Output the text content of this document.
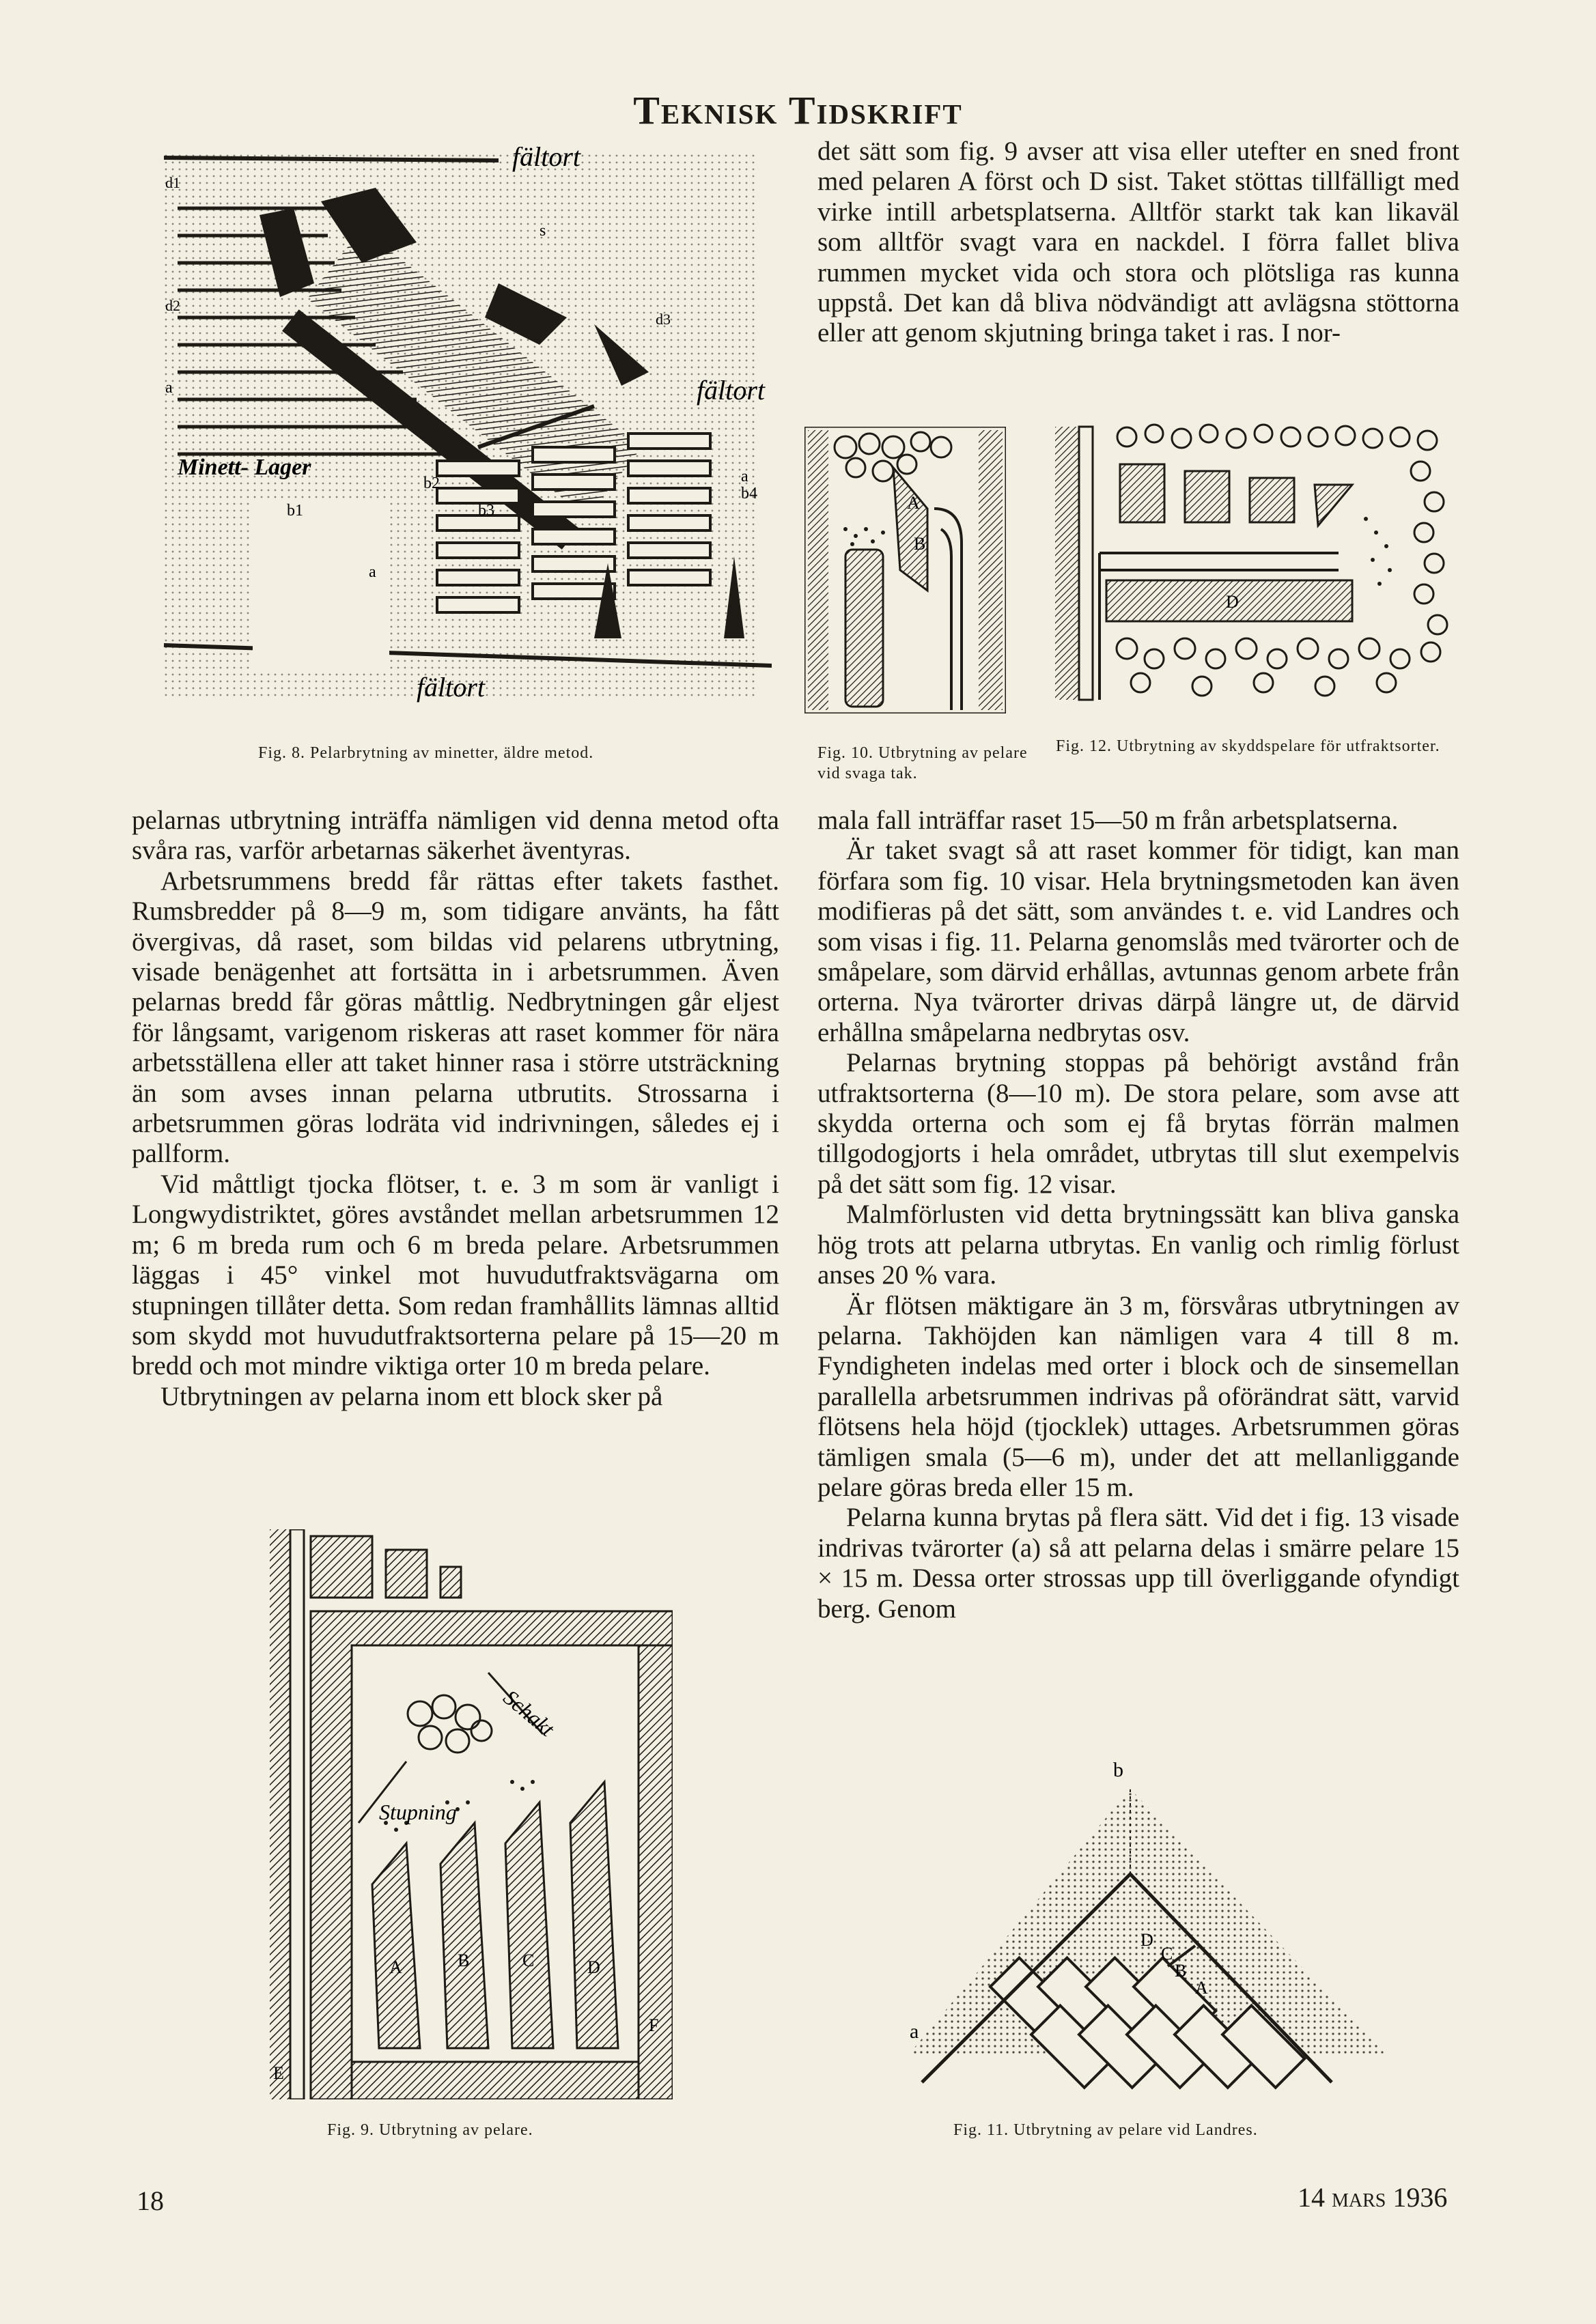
Teknisk Tidskrift

det sätt som fig. 9 avser att visa eller utefter en sned front med pelaren A först och D sist. Taket stöttas tillfälligt med virke intill arbetsplatserna. Alltför starkt tak kan likaväl som alltför svagt vara en nackdel. I förra fallet bliva rummen mycket vida och stora och plötsliga ras kunna uppstå. Det kan då bliva nödvändigt att avlägsna stöttorna eller att genom skjutning bringa taket i ras. I nor-

fältort
fältort
fältort
Minett- Lager
d1
d2
d3
a
a
a
b1
b2
b3
b4
s
Fig. 8. Pelarbrytning av minetter, äldre metod.
A
B
Fig. 10. Utbrytning av pelare vid svaga tak.
D
Fig. 12. Utbrytning av skyddspelare för utfraktsorter.

pelarnas utbrytning inträffa nämligen vid denna metod ofta svåra ras, varför arbetarnas säkerhet äventyras.

Arbetsrummens bredd får rättas efter takets fasthet. Rumsbredder på 8—9 m, som tidigare använts, ha fått övergivas, då raset, som bildas vid pelarens utbrytning, visade benägenhet att fortsätta in i arbetsrummen. Även pelarnas bredd får göras måttlig. Nedbrytningen går eljest för långsamt, varigenom riskeras att raset kommer för nära arbetsställena eller att taket hinner rasa i större utsträckning än som avses innan pelarna utbrutits. Strossarna i arbetsrummen göras lodräta vid indrivningen, således ej i pallform.

Vid måttligt tjocka flötser, t. e. 3 m som är vanligt i Longwydistriktet, göres avståndet mellan arbetsrummen 12 m; 6 m breda rum och 6 m breda pelare. Arbetsrummen läggas i 45° vinkel mot huvudutfraktsvägarna om stupningen tillåter detta. Som redan framhållits lämnas alltid som skydd mot huvudutfraktsorterna pelare på 15—20 m bredd och mot mindre viktiga orter 10 m breda pelare.

Utbrytningen av pelarna inom ett block sker på

mala fall inträffar raset 15—50 m från arbetsplatserna.

Är taket svagt så att raset kommer för tidigt, kan man förfara som fig. 10 visar. Hela brytningsmetoden kan även modifieras på det sätt, som användes t. e. vid Landres och som visas i fig. 11. Pelarna genomslås med tvärorter och de småpelare, som därvid erhållas, avtunnas genom arbete från orterna. Nya tvärorter drivas därpå längre ut, de därvid erhållna småpelarna nedbrytas osv.

Pelarnas brytning stoppas på behörigt avstånd från utfraktsorterna (8—10 m). De stora pelare, som avse att skydda orterna och som ej få brytas förrän malmen tillgodogjorts i hela området, utbrytas till slut exempelvis på det sätt som fig. 12 visar.

Malmförlusten vid detta brytningssätt kan bliva ganska hög trots att pelarna utbrytas. En vanlig och rimlig förlust anses 20 % vara.

Är flötsen mäktigare än 3 m, försvåras utbrytningen av pelarna. Takhöjden kan nämligen vara 4 till 8 m. Fyndigheten indelas med orter i block och de sinsemellan parallella arbetsrummen indrivas på oförändrat sätt, varvid flötsens hela höjd (tjocklek) uttages. Arbetsrummen göras tämligen smala (5—6 m), under det att mellanliggande pelare göras breda eller 15 m.

Pelarna kunna brytas på flera sätt. Vid det i fig. 13 visade indrivas tvärorter (a) så att pelarna delas i smärre pelare 15 × 15 m. Dessa orter strossas upp till överliggande ofyndigt berg. Genom

Schakt
Stupning
A	B	C	D
E
F
Fig. 9. Utbrytning av pelare.
b
a
D
C
B
A
Fig. 11. Utbrytning av pelare vid Landres.
18	14 mars 1936
